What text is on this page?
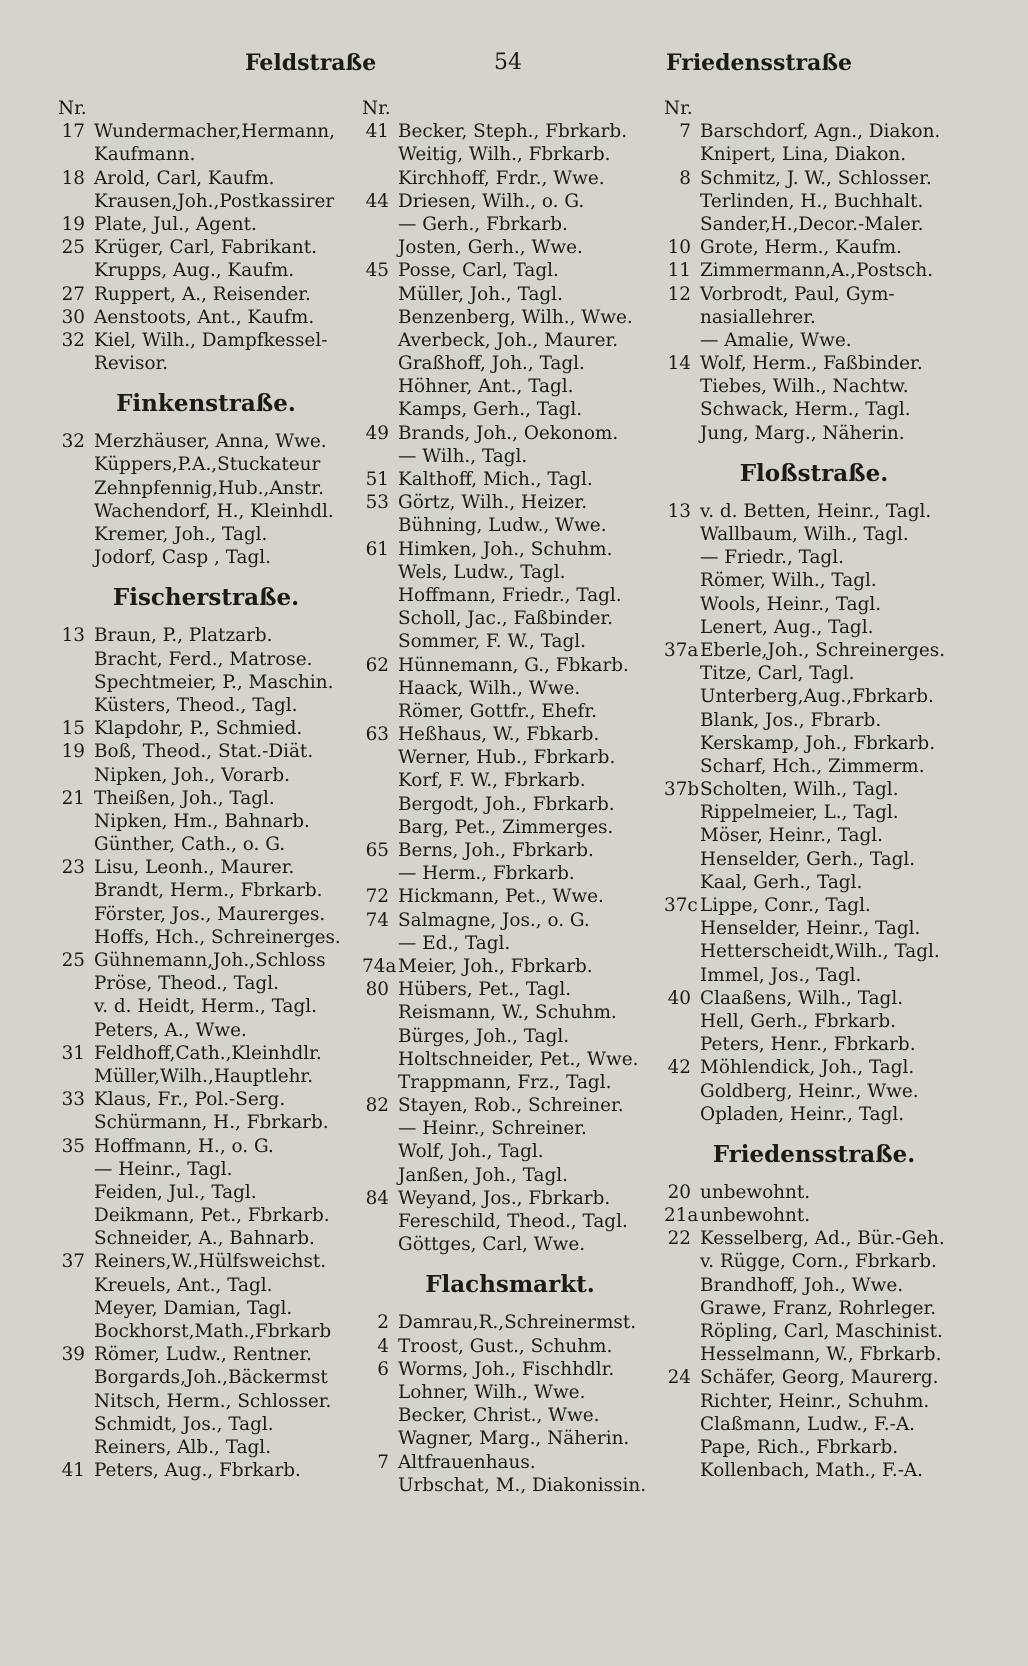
Feldstraße	54	Friedensstraße
Nr.
17 Wundermacher,Hermann,
Kaufmann.
18 Arold, Carl, Kaufm.
Krausen,Joh.,Postkassirer
19 Plate, Jul., Agent.
25 Krüger, Carl, Fabrikant.
Krupps, Aug., Kaufm.
27 Ruppert, A., Reisender.
30 Aenstoots, Ant., Kaufm.
32 Kiel, Wilh., Dampfkessel-
Revisor.
Finkenstraße.
32 Merzhäuser, Anna, Wwe.
Küppers,P.A.,Stuckateur
Zehnpfennig,Hub.,Anstr.
Wachendorf, H., Kleinhdl.
Kremer, Joh., Tagl.
Jodorf, Casp , Tagl.
Fischerstraße.
13 Braun, P., Platzarb.
Bracht, Ferd., Matrose.
Spechtmeier, P., Maschin.
Küsters, Theod., Tagl.
15 Klapdohr, P., Schmied.
19 Boß, Theod., Stat.-Diät.
Nipken, Joh., Vorarb.
21 Theißen, Joh., Tagl.
Nipken, Hm., Bahnarb.
Günther, Cath., o. G.
23 Lisu, Leonh., Maurer.
Brandt, Herm., Fbrkarb.
Förster, Jos., Maurerges.
Hoffs, Hch., Schreinerges.
25 Gühnemann,Joh.,Schloss
Pröse, Theod., Tagl.
v. d. Heidt, Herm., Tagl.
Peters, A., Wwe.
31 Feldhoff,Cath.,Kleinhdlr.
Müller,Wilh.,Hauptlehr.
33 Klaus, Fr., Pol.-Serg.
Schürmann, H., Fbrkarb.
35 Hoffmann, H., o. G.
— Heinr., Tagl.
Feiden, Jul., Tagl.
Deikmann, Pet., Fbrkarb.
Schneider, A., Bahnarb.
37 Reiners,W.,Hülfsweichst.
Kreuels, Ant., Tagl.
Meyer, Damian, Tagl.
Bockhorst,Math.,Fbrkarb
39 Römer, Ludw., Rentner.
Borgards,Joh.,Bäckermst
Nitsch, Herm., Schlosser.
Schmidt, Jos., Tagl.
Reiners, Alb., Tagl.
41 Peters, Aug., Fbrkarb.
Nr.
41 Becker, Steph., Fbrkarb.
Weitig, Wilh., Fbrkarb.
Kirchhoff, Frdr., Wwe.
44 Driesen, Wilh., o. G.
— Gerh., Fbrkarb.
Josten, Gerh., Wwe.
45 Posse, Carl, Tagl.
Müller, Joh., Tagl.
Benzenberg, Wilh., Wwe.
Averbeck, Joh., Maurer.
Graßhoff, Joh., Tagl.
Höhner, Ant., Tagl.
Kamps, Gerh., Tagl.
49 Brands, Joh., Oekonom.
— Wilh., Tagl.
51 Kalthoff, Mich., Tagl.
53 Görtz, Wilh., Heizer.
Bühning, Ludw., Wwe.
61 Himken, Joh., Schuhm.
Wels, Ludw., Tagl.
Hoffmann, Friedr., Tagl.
Scholl, Jac., Faßbinder.
Sommer, F. W., Tagl.
62 Hünnemann, G., Fbkarb.
Haack, Wilh., Wwe.
Römer, Gottfr., Ehefr.
63 Heßhaus, W., Fbkarb.
Werner, Hub., Fbrkarb.
Korf, F. W., Fbrkarb.
Bergodt, Joh., Fbrkarb.
Barg, Pet., Zimmerges.
65 Berns, Joh., Fbrkarb.
— Herm., Fbrkarb.
72 Hickmann, Pet., Wwe.
74 Salmagne, Jos., o. G.
— Ed., Tagl.
74a Meier, Joh., Fbrkarb.
80 Hübers, Pet., Tagl.
Reismann, W., Schuhm.
Bürges, Joh., Tagl.
Holtschneider, Pet., Wwe.
Trappmann, Frz., Tagl.
82 Stayen, Rob., Schreiner.
— Heinr., Schreiner.
Wolf, Joh., Tagl.
Janßen, Joh., Tagl.
84 Weyand, Jos., Fbrkarb.
Fereschild, Theod., Tagl.
Göttges, Carl, Wwe.
Flachsmarkt.
2 Damrau,R.,Schreinermst.
4 Troost, Gust., Schuhm.
6 Worms, Joh., Fischhdlr.
Lohner, Wilh., Wwe.
Becker, Christ., Wwe.
Wagner, Marg., Näherin.
7 Altfrauenhaus.
Urbschat, M., Diakonissin.
Nr.
7 Barschdorf, Agn., Diakon.
Knipert, Lina, Diakon.
8 Schmitz, J. W., Schlosser.
Terlinden, H., Buchhalt.
Sander,H.,Decor.-Maler.
10 Grote, Herm., Kaufm.
11 Zimmermann,A.,Postsch.
12 Vorbrodt, Paul, Gym-
nasiallehrer.
— Amalie, Wwe.
14 Wolf, Herm., Faßbinder.
Tiebes, Wilh., Nachtw.
Schwack, Herm., Tagl.
Jung, Marg., Näherin.
Floßstraße.
13 v. d. Betten, Heinr., Tagl.
Wallbaum, Wilh., Tagl.
— Friedr., Tagl.
Römer, Wilh., Tagl.
Wools, Heinr., Tagl.
Lenert, Aug., Tagl.
37a Eberle,Joh., Schreinerges.
Titze, Carl, Tagl.
Unterberg,Aug.,Fbrkarb.
Blank, Jos., Fbrarb.
Kerskamp, Joh., Fbrkarb.
Scharf, Hch., Zimmerm.
37b Scholten, Wilh., Tagl.
Rippelmeier, L., Tagl.
Möser, Heinr., Tagl.
Henselder, Gerh., Tagl.
Kaal, Gerh., Tagl.
37c Lippe, Conr., Tagl.
Henselder, Heinr., Tagl.
Hetterscheidt,Wilh., Tagl.
Immel, Jos., Tagl.
40 Claaßens, Wilh., Tagl.
Hell, Gerh., Fbrkarb.
Peters, Henr., Fbrkarb.
42 Möhlendick, Joh., Tagl.
Goldberg, Heinr., Wwe.
Opladen, Heinr., Tagl.
Friedensstraße.
20 unbewohnt.
21a unbewohnt.
22 Kesselberg, Ad., Bür.-Geh.
v. Rügge, Corn., Fbrkarb.
Brandhoff, Joh., Wwe.
Grawe, Franz, Rohrleger.
Röpling, Carl, Maschinist.
Hesselmann, W., Fbrkarb.
24 Schäfer, Georg, Maurerg.
Richter, Heinr., Schuhm.
Claßmann, Ludw., F.-A.
Pape, Rich., Fbrkarb.
Kollenbach, Math., F.-A.
